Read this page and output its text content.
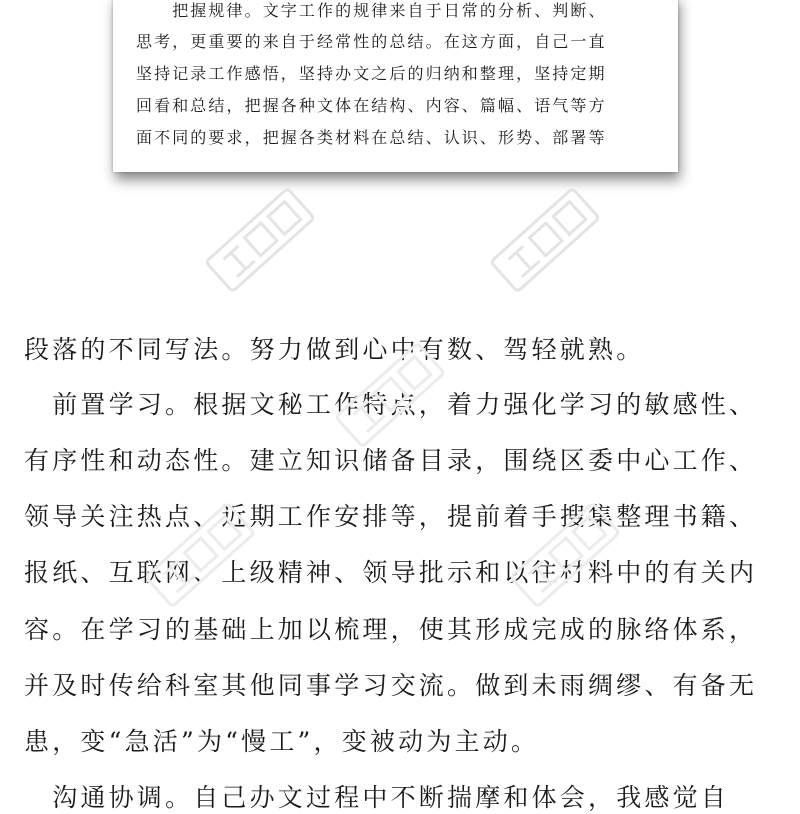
　　把握规律。文字工作的规律来自于日常的分析、判断、
思考，更重要的来自于经常性的总结。在这方面，自己一直
坚持记录工作感悟，坚持办文之后的归纳和整理，坚持定期
回看和总结，把握各种文体在结构、内容、篇幅、语气等方
面不同的要求，把握各类材料在总结、认识、形势、部署等
段落的不同写法。努力做到心中有数、驾轻就熟。
　前置学习。根据文秘工作特点，着力强化学习的敏感性、
有序性和动态性。建立知识储备目录，围绕区委中心工作、
领导关注热点、近期工作安排等，提前着手搜集整理书籍、
报纸、互联网、上级精神、领导批示和以往材料中的有关内
容。在学习的基础上加以梳理，使其形成完成的脉络体系，
并及时传给科室其他同事学习交流。做到未雨绸缪、有备无
患，变“急活”为“慢工”，变被动为主动。
　沟通协调。自己办文过程中不断揣摩和体会，我感觉自
